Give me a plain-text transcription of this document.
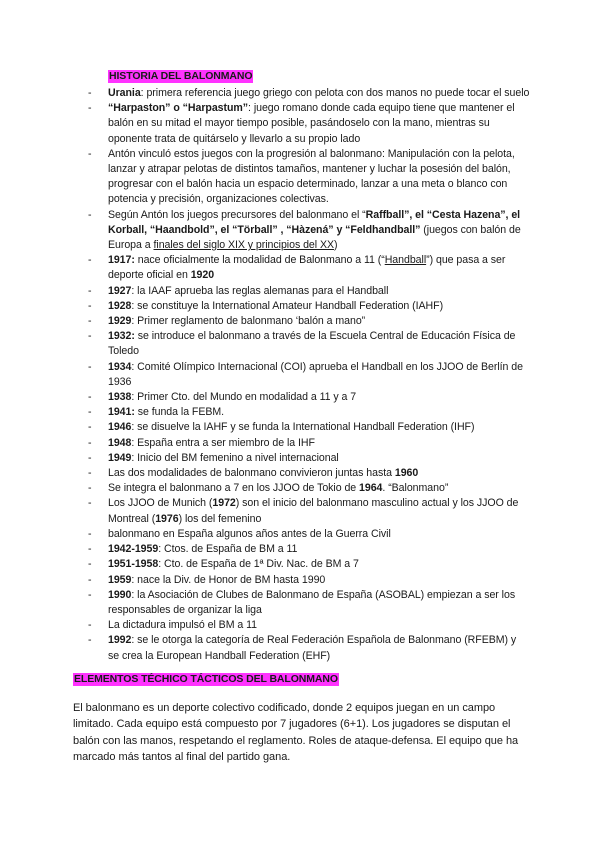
HISTORIA DEL BALONMANO
- Urania: primera referencia juego griego con pelota con dos manos no puede tocar el suelo
- “Harpaston” o “Harpastum”: juego romano donde cada equipo tiene que mantener el balón en su mitad el mayor tiempo posible, pasándoselo con la mano, mientras su oponente trata de quitárselo y llevarlo a su propio lado
- Antón vinculó estos juegos con la progresión al balonmano: Manipulación con la pelota, lanzar y atrapar pelotas de distintos tamaños, mantener y luchar la posesión del balón, progresar con el balón hacia un espacio determinado, lanzar a una meta o blanco con potencia y precisión, organizaciones colectivas.
- Según Antón los juegos precursores del balonmano el “Raffball”, el “Cesta Hazena”, el Korball, “Haandbold”, el “Törball” , “Hàzená” y “Feldhandball” (juegos con balón de Europa a finales del siglo XIX y principios del XX)
- 1917: nace oficialmente la modalidad de Balonmano a 11 (“Handball”) que pasa a ser deporte oficial en 1920
- 1927: la IAAF aprueba las reglas alemanas para el Handball
- 1928: se constituye la International Amateur Handball Federation (IAHF)
- 1929: Primer reglamento de balonmano ‘balón a mano”
- 1932: se introduce el balonmano a través de la Escuela Central de Educación Física de Toledo
- 1934: Comité Olímpico Internacional (COI) aprueba el Handball en los JJOO de Berlín de 1936
- 1938: Primer Cto. del Mundo en modalidad a 11 y a 7
- 1941: se funda la FEBM.
- 1946: se disuelve la IAHF y se funda la International Handball Federation (IHF)
- 1948: España entra a ser miembro de la IHF
- 1949: Inicio del BM femenino a nivel internacional
- Las dos modalidades de balonmano convivieron juntas hasta 1960
- Se integra el balonmano a 7 en los JJOO de Tokio de 1964. “Balonmano”
- Los JJOO de Munich (1972) son el inicio del balonmano masculino actual y los JJOO de Montreal (1976) los del femenino
- balonmano en España algunos años antes de la Guerra Civil
- 1942-1959: Ctos. de España de BM a 11
- 1951-1958: Cto. de España de 1ª Div. Nac. de BM a 7
- 1959: nace la Div. de Honor de BM hasta 1990
- 1990: la Asociación de Clubes de Balonmano de España (ASOBAL) empiezan a ser los responsables de organizar la liga
- La dictadura impulsó el BM a 11
- 1992: se le otorga la categoría de Real Federación Española de Balonmano (RFEBM) y se crea la European Handball Federation (EHF)
ELEMENTOS TÉCHICO TÁCTICOS DEL BALONMANO
El balonmano es un deporte colectivo codificado, donde 2 equipos juegan en un campo limitado. Cada equipo está compuesto por 7 jugadores (6+1). Los jugadores se disputan el balón con las manos, respetando el reglamento. Roles de ataque-defensa. El equipo que ha marcado más tantos al final del partido gana.
